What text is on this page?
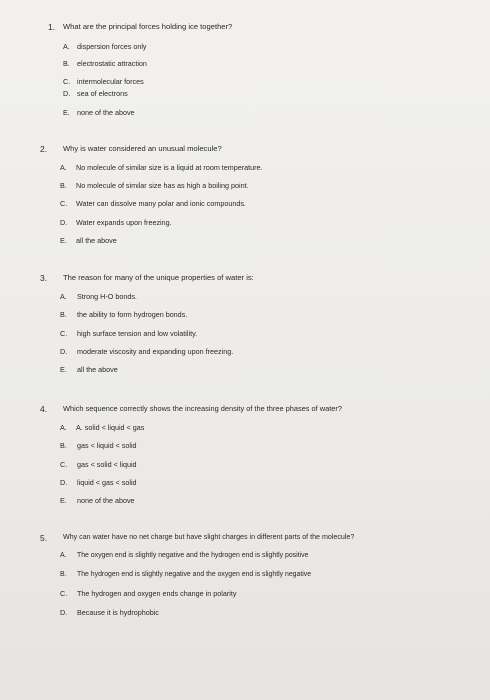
1. What are the principal forces holding ice together?
A. dispersion forces only
B. electrostatic attraction
C. intermolecular forces
D. sea of electrons
E. none of the above
2. Why is water considered an unusual molecule?
A. No molecule of similar size is a liquid at room temperature.
B. No molecule of similar size has as high a boiling point.
C. Water can dissolve many polar and ionic compounds.
D. Water expands upon freezing.
E. all the above
3. The reason for many of the unique properties of water is:
A. Strong H-O bonds.
B. the ability to form hydrogen bonds.
C. high surface tension and low volatility.
D. moderate viscosity and expanding upon freezing.
E. all the above
4. Which sequence correctly shows the increasing density of the three phases of water?
A. A. solid < liquid < gas
B. gas < liquid < solid
C. gas < solid < liquid
D. liquid < gas < solid
E. none of the above
5. Why can water have no net charge but have slight charges in different parts of the molecule?
A. The oxygen end is slightly negative and the hydrogen end is slightly positive
B. The hydrogen end is slightly negative and the oxygen end is slightly negative
C. The hydrogen and oxygen ends change in polarity
D. Because it is hydrophobic
